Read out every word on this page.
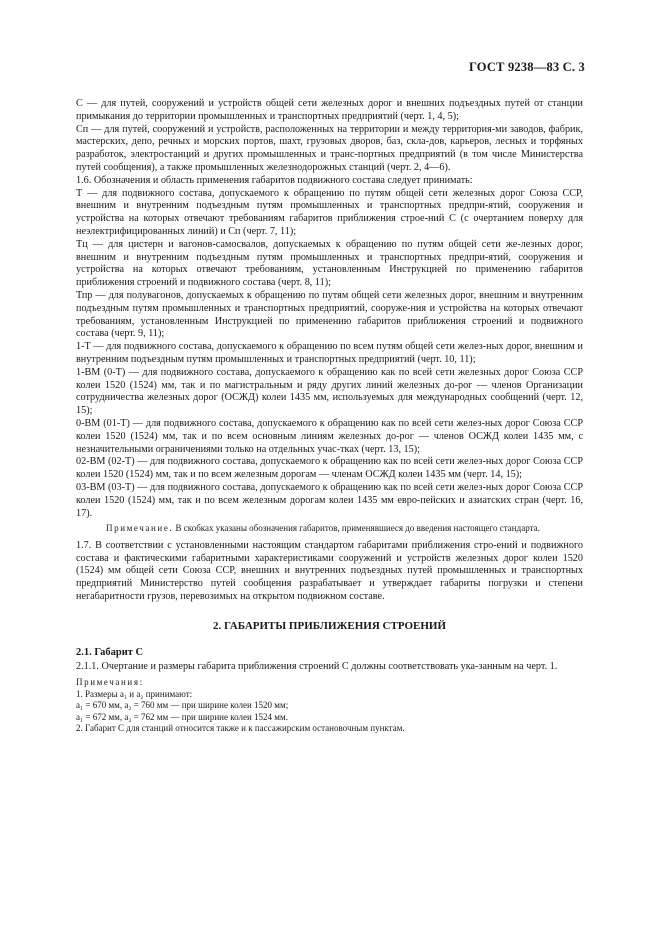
ГОСТ 9238—83 С. 3

С — для путей, сооружений и устройств общей сети железных дорог и внешних подъездных путей от станции примыкания до территории промышленных и транспортных предприятий (черт. 1, 4, 5);

Сп — для путей, сооружений и устройств, расположенных на территории и между территория-ми заводов, фабрик, мастерских, депо, речных и морских портов, шахт, грузовых дворов, баз, скла-дов, карьеров, лесных и торфяных разработок, электростанций и других промышленных и транс-портных предприятий (в том числе Министерства путей сообщения), а также промышленных железнодорожных станций (черт. 2, 4—6).

1.6. Обозначения и область применения габаритов подвижного состава следует принимать:

Т — для подвижного состава, допускаемого к обращению по путям общей сети железных дорог Союза ССР, внешним и внутренним подъездным путям промышленных и транспортных предпри-ятий, сооружения и устройства на которых отвечают требованиям габаритов приближения строе-ний С (с очертанием поверху для неэлектрифицированных линий) и Сп (черт. 7, 11);

Тц — для цистерн и вагонов-самосвалов, допускаемых к обращению по путям общей сети же-лезных дорог, внешним и внутренним подъездным путям промышленных и транспортных предпри-ятий, сооружения и устройства на которых отвечают требованиям, установленным Инструкцией по применению габаритов приближения строений и подвижного состава (черт. 8, 11);

Тпр — для полувагонов, допускаемых к обращению по путям общей сети железных дорог, внешним и внутренним подъездным путям промышленных и транспортных предприятий, сооруже-ния и устройства на которых отвечают требованиям, установленным Инструкцией по применению габаритов приближения строений и подвижного состава (черт. 9, 11);

1-Т — для подвижного состава, допускаемого к обращению по всем путям общей сети желез-ных дорог, внешним и внутренним подъездным путям промышленных и транспортных предприятий (черт. 10, 11);

1-ВМ (0-Т) — для подвижного состава, допускаемого к обращению как по всей сети железных дорог Союза ССР колеи 1520 (1524) мм, так и по магистральным и ряду других линий железных до-рог — членов Организации сотрудничества железных дорог (ОСЖД) колеи 1435 мм, используемых для международных сообщений (черт. 12, 15);

0-ВМ (01-Т) — для подвижного состава, допускаемого к обращению как по всей сети желез-ных дорог Союза ССР колеи 1520 (1524) мм, так и по всем основным линиям железных до-рог — членов ОСЖД колеи 1435 мм, с незначительными ограничениями только на отдельных учас-тках (черт. 13, 15);

02-ВМ (02-Т) — для подвижного состава, допускаемого к обращению как по всей сети желез-ных дорог Союза ССР колеи 1520 (1524) мм, так и по всем железным дорогам — членам ОСЖД колеи 1435 мм (черт. 14, 15);

03-ВМ (03-Т) — для подвижного состава, допускаемого к обращению как по всей сети желез-ных дорог Союза ССР колеи 1520 (1524) мм, так и по всем железным дорогам колеи 1435 мм евро-пейских и азиатских стран (черт. 16, 17).

Примечание. В скобках указаны обозначения габаритов, применявшиеся до введения настоящего стандарта.

1.7. В соответствии с установленными настоящим стандартом габаритами приближения стро-ений и подвижного состава и фактическими габаритными характеристиками сооружений и устройств железных дорог колеи 1520 (1524) мм общей сети Союза ССР, внешних и внутренних подъездных путей промышленных и транспортных предприятий Министерство путей сообщения разрабатывает и утверждает габариты погрузки и степени негабаритности грузов, перевозимых на открытом подвижном составе.

2. ГАБАРИТЫ ПРИБЛИЖЕНИЯ СТРОЕНИЙ

2.1. Габарит С

2.1.1. Очертание и размеры габарита приближения строений С должны соответствовать ука-занным на черт. 1.

Примечания:

1. Размеры a₁ и a₂ принимают:

a₁ = 670 мм, a₂ = 760 мм — при ширине колеи 1520 мм;

a₁ = 672 мм, a₂ = 762 мм — при ширине колеи 1524 мм.

2. Габарит С для станций относится также и к пассажирским остановочным пунктам.
